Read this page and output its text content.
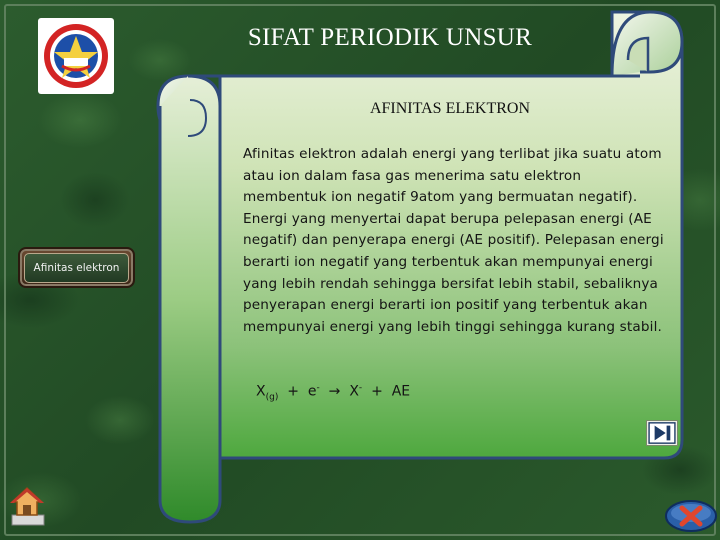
SIFAT PERIODIK UNSUR
AFINITAS ELEKTRON

Afinitas elektron adalah energi yang terlibat jika suatu atom atau ion dalam fasa gas menerima satu elektron membentuk ion negatif 9atom yang bermuatan negatif). Energi yang menyertai dapat berupa pelepasan energi (AE negatif) dan penyerapa energi (AE positif). Pelepasan energi berarti ion negatif yang terbentuk akan mempunyai energi yang lebih rendah sehingga bersifat lebih stabil, sebaliknya penyerapan energi berarti ion positif yang terbentuk akan mempunyai energi yang lebih tinggi sehingga kurang stabil.

$X_{(g)} + e^- \to X^-$ + AE
Afinitas elektron
